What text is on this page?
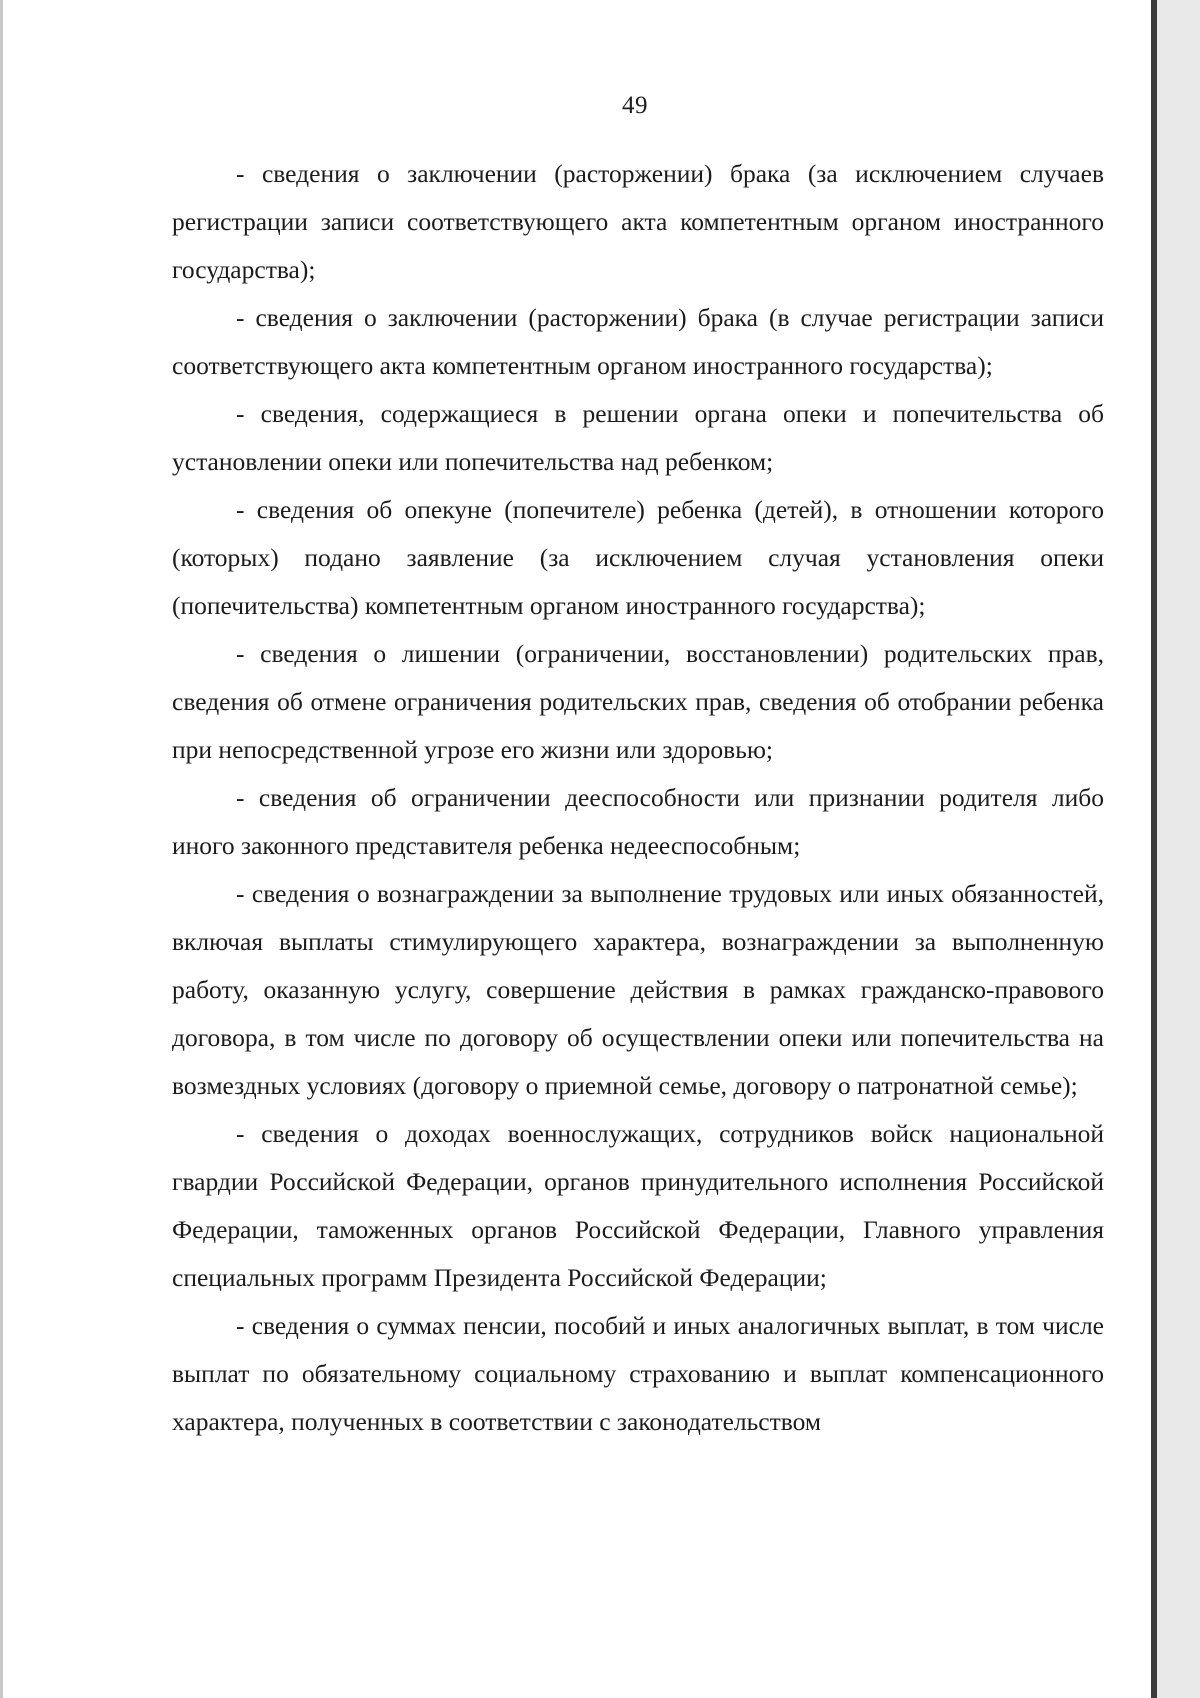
49

- сведения о заключении (расторжении) брака (за исключением случаев регистрации записи соответствующего акта компетентным органом иностранного государства);

- сведения о заключении (расторжении) брака (в случае регистрации записи соответствующего акта компетентным органом иностранного государства);

- сведения, содержащиеся в решении органа опеки и попечительства об установлении опеки или попечительства над ребенком;

- сведения об опекуне (попечителе) ребенка (детей), в отношении которого (которых) подано заявление (за исключением случая установления опеки (попечительства) компетентным органом иностранного государства);

- сведения о лишении (ограничении, восстановлении) родительских прав, сведения об отмене ограничения родительских прав, сведения об отобрании ребенка при непосредственной угрозе его жизни или здоровью;

- сведения об ограничении дееспособности или признании родителя либо иного законного представителя ребенка недееспособным;

- сведения о вознаграждении за выполнение трудовых или иных обязанностей, включая выплаты стимулирующего характера, вознаграждении за выполненную работу, оказанную услугу, совершение действия в рамках гражданско-правового договора, в том числе по договору об осуществлении опеки или попечительства на возмездных условиях (договору о приемной семье, договору о патронатной семье);

- сведения о доходах военнослужащих, сотрудников войск национальной гвардии Российской Федерации, органов принудительного исполнения Российской Федерации, таможенных органов Российской Федерации, Главного управления специальных программ Президента Российской Федерации;

- сведения о суммах пенсии, пособий и иных аналогичных выплат, в том числе выплат по обязательному социальному страхованию и выплат компенсационного характера, полученных в соответствии с законодательством
